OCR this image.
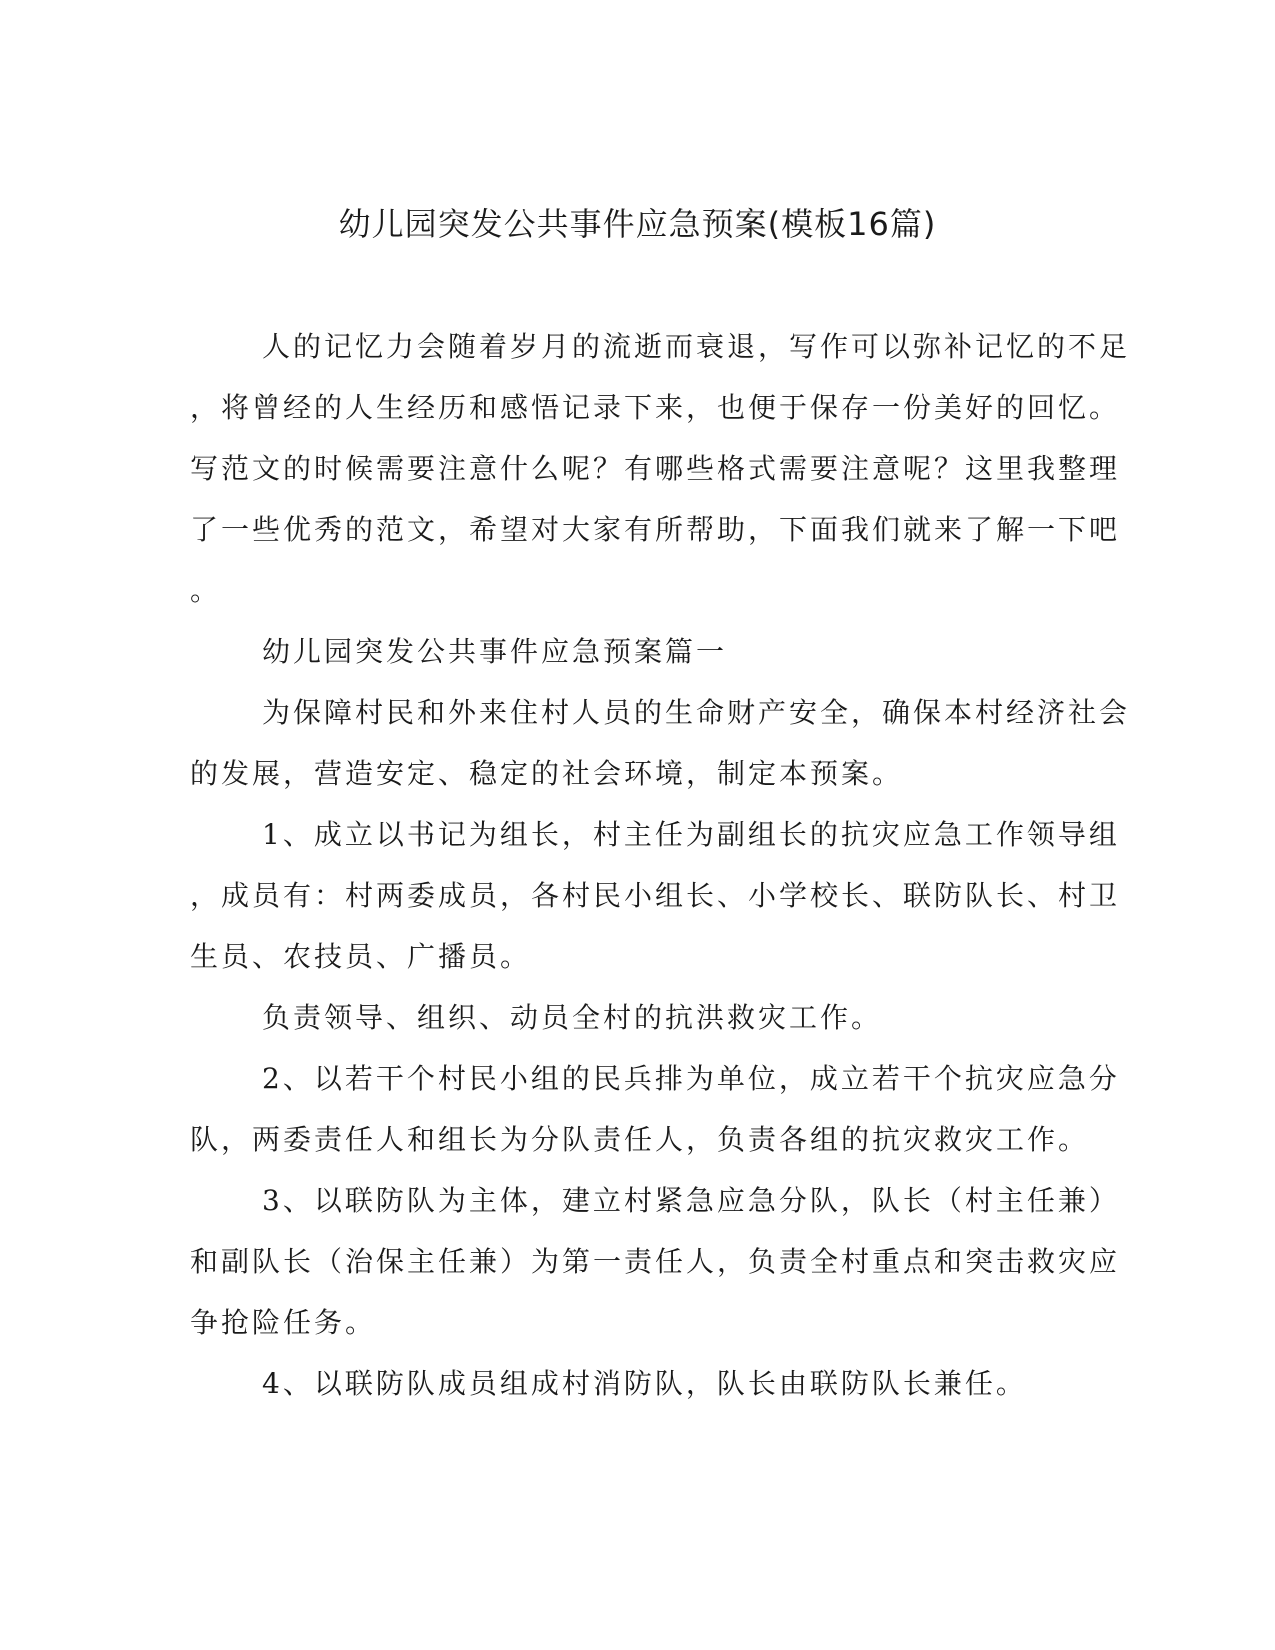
幼儿园突发公共事件应急预案(模板16篇)
人的记忆力会随着岁月的流逝而衰退，写作可以弥补记忆的不足
，将曾经的人生经历和感悟记录下来，也便于保存一份美好的回忆。
写范文的时候需要注意什么呢？有哪些格式需要注意呢？这里我整理
了一些优秀的范文，希望对大家有所帮助，下面我们就来了解一下吧
。
幼儿园突发公共事件应急预案篇一
为保障村民和外来住村人员的生命财产安全，确保本村经济社会
的发展，营造安定、稳定的社会环境，制定本预案。
1、成立以书记为组长，村主任为副组长的抗灾应急工作领导组
，成员有：村两委成员，各村民小组长、小学校长、联防队长、村卫
生员、农技员、广播员。
负责领导、组织、动员全村的抗洪救灾工作。
2、以若干个村民小组的民兵排为单位，成立若干个抗灾应急分
队，两委责任人和组长为分队责任人，负责各组的抗灾救灾工作。
3、以联防队为主体，建立村紧急应急分队，队长（村主任兼）
和副队长（治保主任兼）为第一责任人，负责全村重点和突击救灾应
争抢险任务。
4、以联防队成员组成村消防队，队长由联防队长兼任。
